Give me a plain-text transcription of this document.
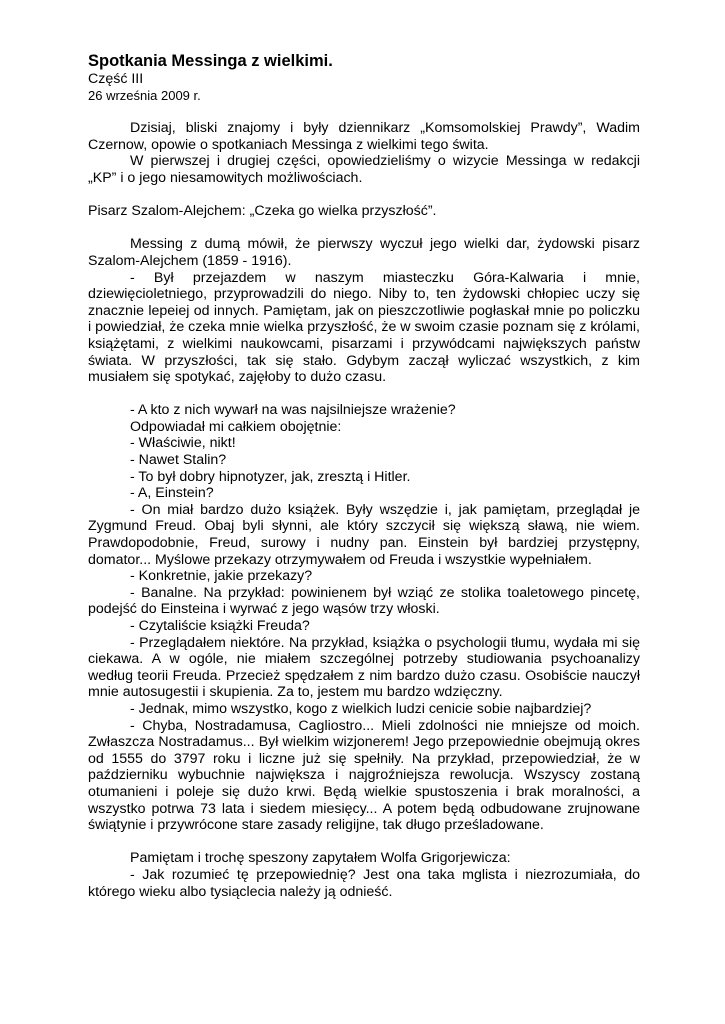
Spotkania Messinga z wielkimi.

Część III

26 września 2009 r.

Dzisiaj, bliski znajomy i były dziennikarz „Komsomolskiej Prawdy”, Wadim Czernow, opowie o spotkaniach Messinga z wielkimi tego świta.

W pierwszej i drugiej części, opowiedzieliśmy o wizycie Messinga w redakcji „KP” i o jego niesamowitych możliwościach.

Pisarz Szalom-Alejchem: „Czeka go wielka przyszłość”.

Messing z dumą mówił, że pierwszy wyczuł jego wielki dar, żydowski pisarz Szalom-Alejchem (1859 - 1916).

- Był przejazdem w naszym miasteczku Góra-Kalwaria i mnie, dziewięcioletniego, przyprowadzili do niego. Niby to, ten żydowski chłopiec uczy się znacznie lepeiej od innych. Pamiętam, jak on pieszczotliwie pogłaskał mnie po policzku i powiedział, że czeka mnie wielka przyszłość, że w swoim czasie poznam się z królami, książętami, z wielkimi naukowcami, pisarzami i przywódcami największych państw świata. W przyszłości, tak się stało. Gdybym zaczął wyliczać wszystkich, z kim musiałem się spotykać, zajęłoby to dużo czasu.

- A kto z nich wywarł na was najsilniejsze wrażenie?

Odpowiadał mi całkiem obojętnie:

- Właściwie, nikt!

- Nawet Stalin?

- To był dobry hipnotyzer, jak, zresztą i Hitler.

- A, Einstein?

- On miał bardzo dużo książek. Były wszędzie i, jak pamiętam, przeglądał je Zygmund Freud. Obaj byli słynni, ale który szczycił się większą sławą, nie wiem. Prawdopodobnie, Freud, surowy i nudny pan. Einstein był bardziej przystępny, domator... Myślowe przekazy otrzymywałem od Freuda i wszystkie wypełniałem.

- Konkretnie, jakie przekazy?

- Banalne. Na przykład: powinienem był wziąć ze stolika toaletowego pincetę, podejść do Einsteina i wyrwać z jego wąsów trzy włoski.

- Czytaliście książki Freuda?

- Przeglądałem niektóre. Na przykład, książka o psychologii tłumu, wydała mi się ciekawa. A w ogóle, nie miałem szczególnej potrzeby studiowania psychoanalizy według teorii Freuda. Przecież spędzałem z nim bardzo dużo czasu. Osobiście nauczył mnie autosugestii i skupienia. Za to, jestem mu bardzo wdzięczny.

- Jednak, mimo wszystko, kogo z wielkich ludzi cenicie sobie najbardziej?

- Chyba, Nostradamusa, Cagliostro... Mieli zdolności nie mniejsze od moich. Zwłaszcza Nostradamus... Był wielkim wizjonerem! Jego przepowiednie obejmują okres od 1555 do 3797 roku i liczne już się spełniły. Na przykład, przepowiedział, że w październiku wybuchnie największa i najgroźniejsza rewolucja. Wszyscy zostaną otumanieni i poleje się dużo krwi. Będą wielkie spustoszenia i brak moralności, a wszystko potrwa 73 lata i siedem miesięcy... A potem będą odbudowane zrujnowane świątynie i przywrócone stare zasady religijne, tak długo prześladowane.

Pamiętam i trochę speszony zapytałem Wolfa Grigorjewicza:

- Jak rozumieć tę przepowiednię? Jest ona taka mglista i niezrozumiała, do którego wieku albo tysiąclecia należy ją odnieść.
